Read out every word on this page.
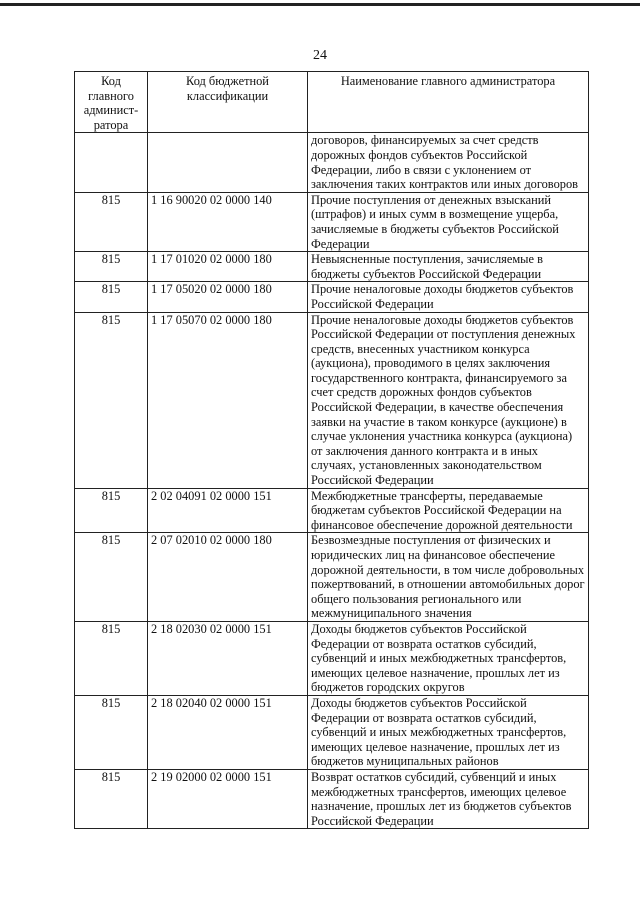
24
Код главного админист-ратора	Код бюджетной классификации	Наименование главного администратора
		договоров, финансируемых за счет средств дорожных фондов субъектов Российской Федерации, либо в связи с уклонением от заключения таких контрактов или иных договоров
815	1 16 90020 02 0000 140	Прочие поступления от денежных взысканий (штрафов) и иных сумм в возмещение ущерба, зачисляемые в бюджеты субъектов Российской Федерации
815	1 17 01020 02 0000 180	Невыясненные поступления, зачисляемые в бюджеты субъектов Российской Федерации
815	1 17 05020 02 0000 180	Прочие неналоговые доходы бюджетов субъектов Российской Федерации
815	1 17 05070 02 0000 180	Прочие неналоговые доходы бюджетов субъектов Российской Федерации от поступления денежных средств, внесенных участником конкурса (аукциона), проводимого в целях заключения государственного контракта, финансируемого за счет средств дорожных фондов субъектов Российской Федерации, в качестве обеспечения заявки на участие в таком конкурсе (аукционе) в случае уклонения участника конкурса (аукциона) от заключения данного контракта и в иных случаях, установленных законодательством Российской Федерации
815	2 02 04091 02 0000 151	Межбюджетные трансферты, передаваемые бюджетам субъектов Российской Федерации на финансовое обеспечение дорожной деятельности
815	2 07 02010 02 0000 180	Безвозмездные поступления от физических и юридических лиц на финансовое обеспечение дорожной деятельности, в том числе добровольных пожертвований, в отношении автомобильных дорог общего пользования регионального или межмуниципального значения
815	2 18 02030 02 0000 151	Доходы бюджетов субъектов Российской Федерации от возврата остатков субсидий, субвенций и иных межбюджетных трансфертов, имеющих целевое назначение, прошлых лет из бюджетов городских округов
815	2 18 02040 02 0000 151	Доходы бюджетов субъектов Российской Федерации от возврата остатков субсидий, субвенций и иных межбюджетных трансфертов, имеющих целевое назначение, прошлых лет из бюджетов муниципальных районов
815	2 19 02000 02 0000 151	Возврат остатков субсидий, субвенций и иных межбюджетных трансфертов, имеющих целевое назначение, прошлых лет из бюджетов субъектов Российской Федерации
